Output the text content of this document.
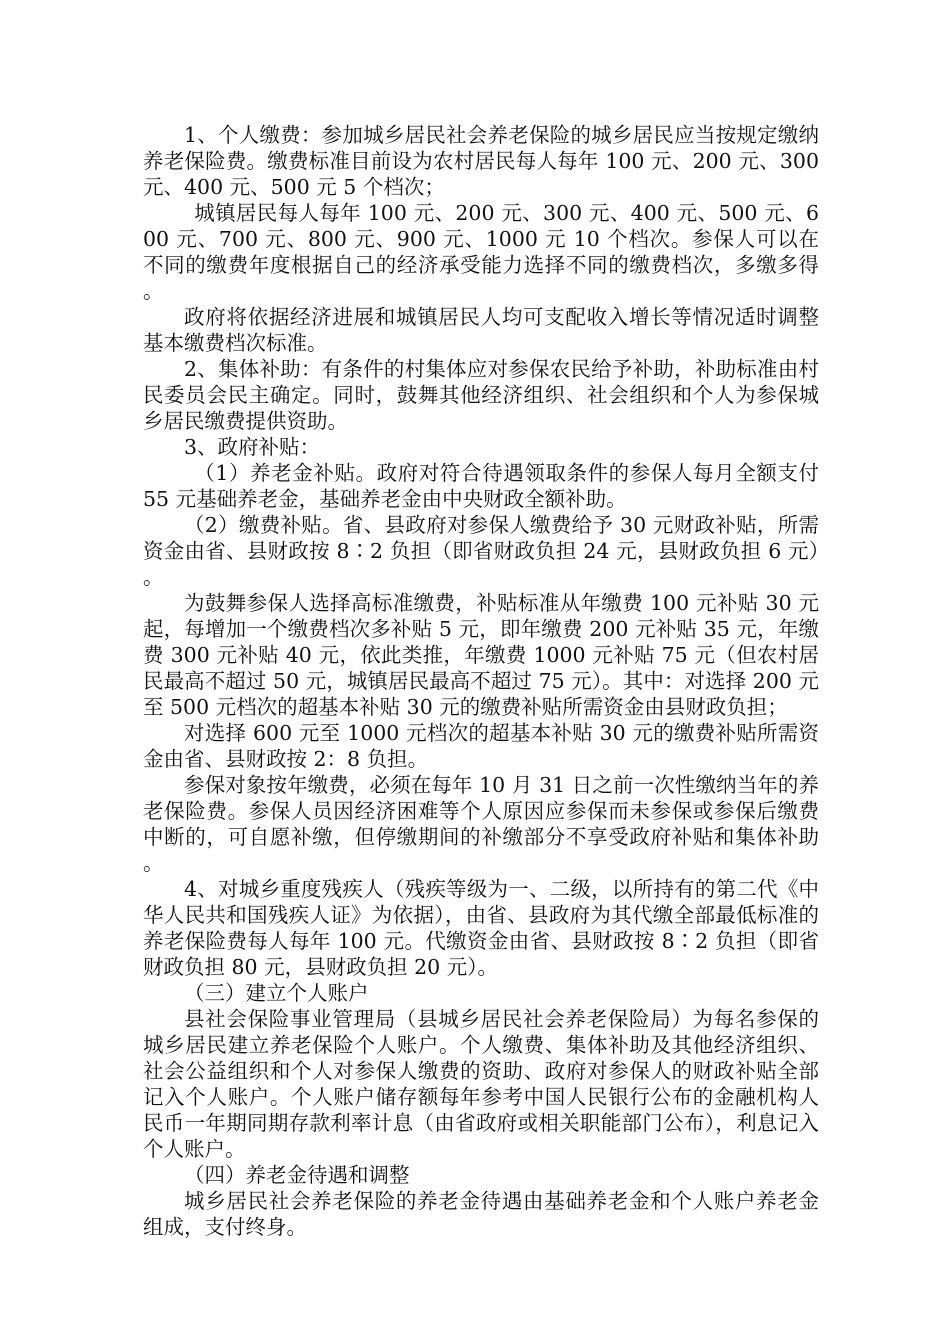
1、个人缴费：参加城乡居民社会养老保险的城乡居民应当按规定缴纳养老保险费。缴费标准目前设为农村居民每人每年 100 元、200 元、300 元、400 元、500 元 5 个档次；

城镇居民每人每年 100 元、200 元、300 元、400 元、500 元、600 元、700 元、800 元、900 元、1000 元 10 个档次。参保人可以在不同的缴费年度根据自己的经济承受能力选择不同的缴费档次，多缴多得。

政府将依据经济进展和城镇居民人均可支配收入增长等情况适时调整基本缴费档次标准。

2、集体补助：有条件的村集体应对参保农民给予补助，补助标准由村民委员会民主确定。同时，鼓舞其他经济组织、社会组织和个人为参保城乡居民缴费提供资助。

3、政府补贴：

（1）养老金补贴。政府对符合待遇领取条件的参保人每月全额支付 55 元基础养老金，基础养老金由中央财政全额补助。

（2）缴费补贴。省、县政府对参保人缴费给予 30 元财政补贴，所需资金由省、县财政按 8∶2 负担（即省财政负担 24 元，县财政负担 6 元）。

为鼓舞参保人选择高标准缴费，补贴标准从年缴费 100 元补贴 30 元起，每增加一个缴费档次多补贴 5 元，即年缴费 200 元补贴 35 元，年缴费 300 元补贴 40 元，依此类推，年缴费 1000 元补贴 75 元（但农村居民最高不超过 50 元，城镇居民最高不超过 75 元）。其中：对选择 200 元至 500 元档次的超基本补贴 30 元的缴费补贴所需资金由县财政负担；

对选择 600 元至 1000 元档次的超基本补贴 30 元的缴费补贴所需资金由省、县财政按 2：8 负担。

参保对象按年缴费，必须在每年 10 月 31 日之前一次性缴纳当年的养老保险费。参保人员因经济困难等个人原因应参保而未参保或参保后缴费中断的，可自愿补缴，但停缴期间的补缴部分不享受政府补贴和集体补助。

4、对城乡重度残疾人（残疾等级为一、二级，以所持有的第二代《中华人民共和国残疾人证》为依据），由省、县政府为其代缴全部最低标准的养老保险费每人每年 100 元。代缴资金由省、县财政按 8∶2 负担（即省财政负担 80 元，县财政负担 20 元）。

（三）建立个人账户

县社会保险事业管理局（县城乡居民社会养老保险局）为每名参保的城乡居民建立养老保险个人账户。个人缴费、集体补助及其他经济组织、社会公益组织和个人对参保人缴费的资助、政府对参保人的财政补贴全部记入个人账户。个人账户储存额每年参考中国人民银行公布的金融机构人民币一年期同期存款利率计息（由省政府或相关职能部门公布），利息记入个人账户。

（四）养老金待遇和调整

城乡居民社会养老保险的养老金待遇由基础养老金和个人账户养老金组成，支付终身。
